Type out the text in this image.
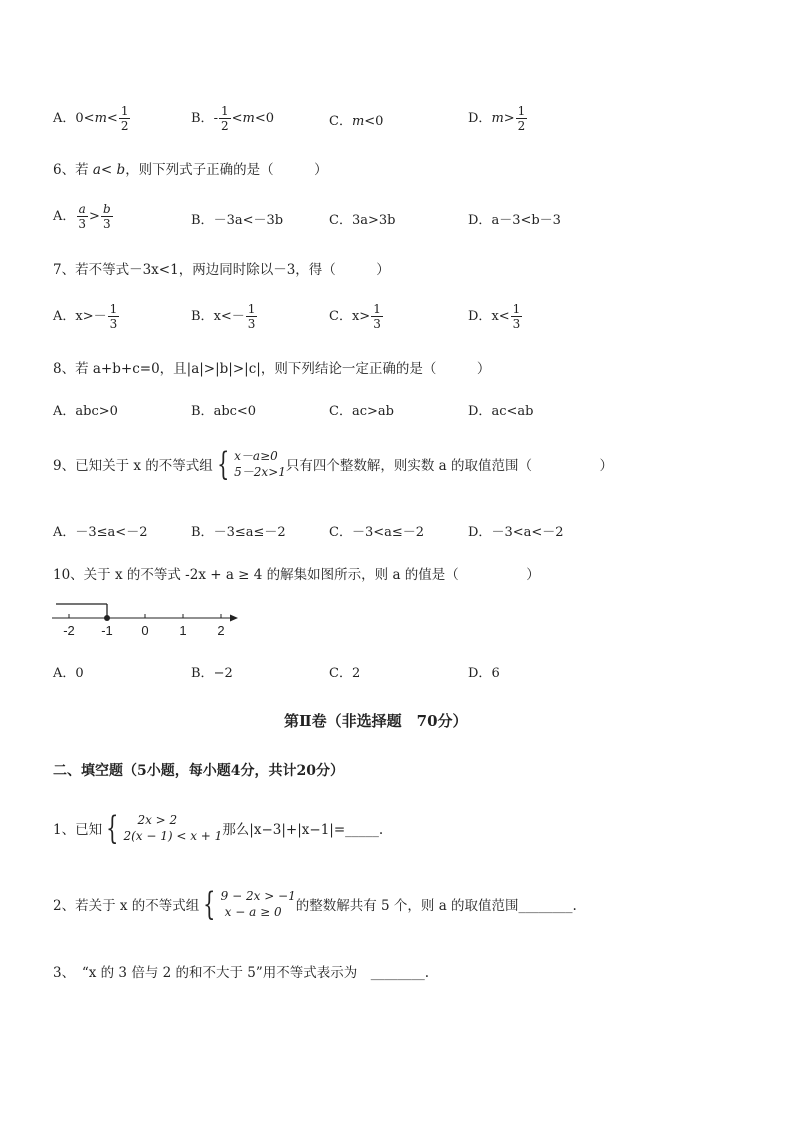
A．$0<m< \frac{1}{2}$	B．- $\frac{1}{2} <m<0$	C．m<0	D．$m> \frac{1}{2}$
6、若 a< b，则下列式子正确的是（　　　）
A． $\frac{a}{3} > \frac{b}{3}$	B．－3a<－3b	C．3a>3b	D．a－3<b－3
7、若不等式－3x<1，两边同时除以－3，得（　　　）
A．$x>- \frac{1}{3}$	B．$x<- \frac{1}{3}$	C．$x> \frac{1}{3}$	D．$x< \frac{1}{3}$
8、若 a+b+c=0，且|a|>|b|>|c|，则下列结论一定正确的是（　　　）
A．abc>0	B．abc<0	C．ac>ab	D．ac<ab
9、已知关于 x 的不等式组 { x－a≥0
5－2x>1 只有四个整数解，则实数 a 的取值范围（　　　　　）
A．－3≤a<－2	B．－3≤a≤－2	C．－3<a≤－2	D．－3<a<－2
10、关于 x 的不等式 -2x + a ≥ 4 的解集如图所示，则 a 的值是（　　　　　）
-2 -1 0 1 2
A．0	B．−2	C．2	D．6
第Ⅱ卷（非选择题　70分）
二、填空题（5小题，每小题4分，共计20分）
1、已知 {	2x > 2
2(x − 1) < x + 1 那么|x−3|+|x−1|=_____.
2、若关于 x 的不等式组 { 9 − 2x > −1
x − a ≥ 0	的整数解共有 5 个，则 a 的取值范围________.
3、　“x 的 3 倍与 2 的和不大于 5”用不等式表示为　________.
